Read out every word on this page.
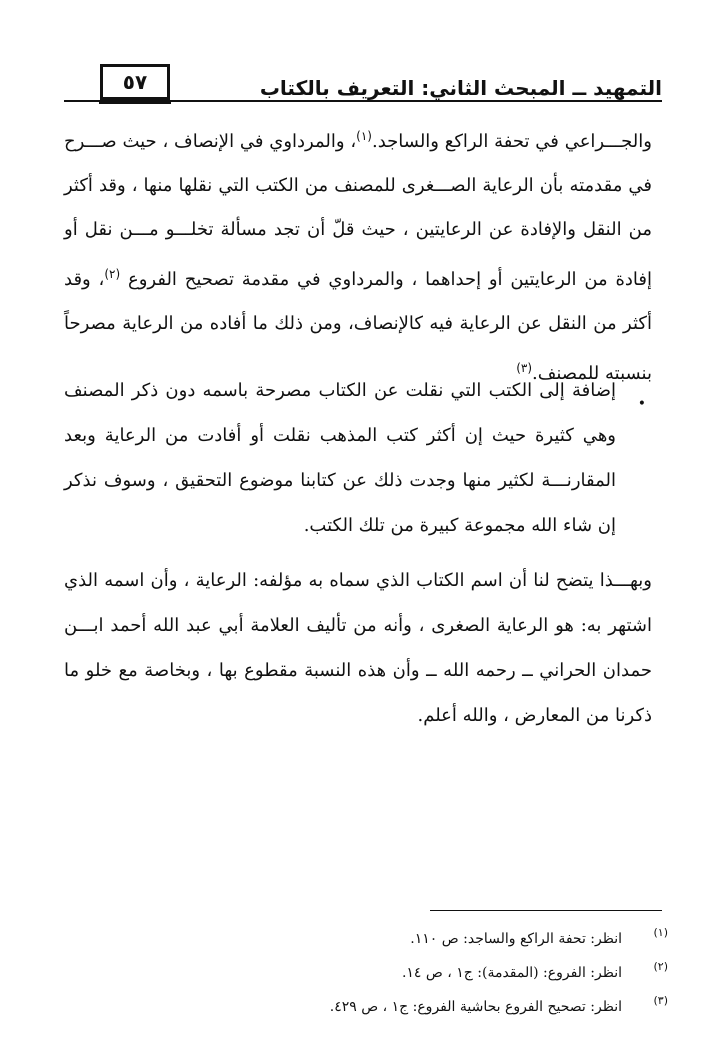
٥٧	التمهيد ــ المبحث الثاني: التعريف بالكتاب

والجـــراعي في تحفة الراكع والساجد.$^{(١)}$، والمرداوي في الإنصاف ، حيث صـــرح في مقدمته بأن الرعاية الصـــغرى للمصنف من الكتب التي نقلها منها ، وقد أكثر من النقل والإفادة عن الرعايتين ، حيث قلّ أن تجد مسألة تخلـــو مـــن نقل أو إفادة من الرعايتين أو إحداهما ، والمرداوي في مقدمة تصحيح الفروع $^{(٢)}$، وقد أكثر من النقل عن الرعاية فيه كالإنصاف، ومن ذلك ما أفاده من الرعاية مصرحاً بنسبته للمصنف.$^{(٣)}$

•
إضافة إلى الكتب التي نقلت عن الكتاب مصرحة باسمه دون ذكر المصنف وهي كثيرة حيث إن أكثر كتب المذهب نقلت أو أفادت من الرعاية وبعد المقارنـــة لكثير منها وجدت ذلك عن كتابنا موضوع التحقيق ، وسوف نذكر إن شاء الله مجموعة كبيرة من تلك الكتب.

وبهـــذا يتضح لنا أن اسم الكتاب الذي سماه به مؤلفه: الرعاية ، وأن اسمه الذي اشتهر به: هو الرعاية الصغرى ، وأنه من تأليف العلامة أبي عبد الله أحمد ابـــن حمدان الحراني ــ رحمه الله ــ وأن هذه النسبة مقطوع بها ، وبخاصة مع خلو ما ذكرنا من المعارض ، والله أعلم.

(١)
انظر: تحفة الراكع والساجد: ص ١١٠.
(٢)
انظر: الفروع: (المقدمة): ج١ ، ص ١٤.
(٣)
انظر: تصحيح الفروع بحاشية الفروع: ج١ ، ص ٤٢٩.
